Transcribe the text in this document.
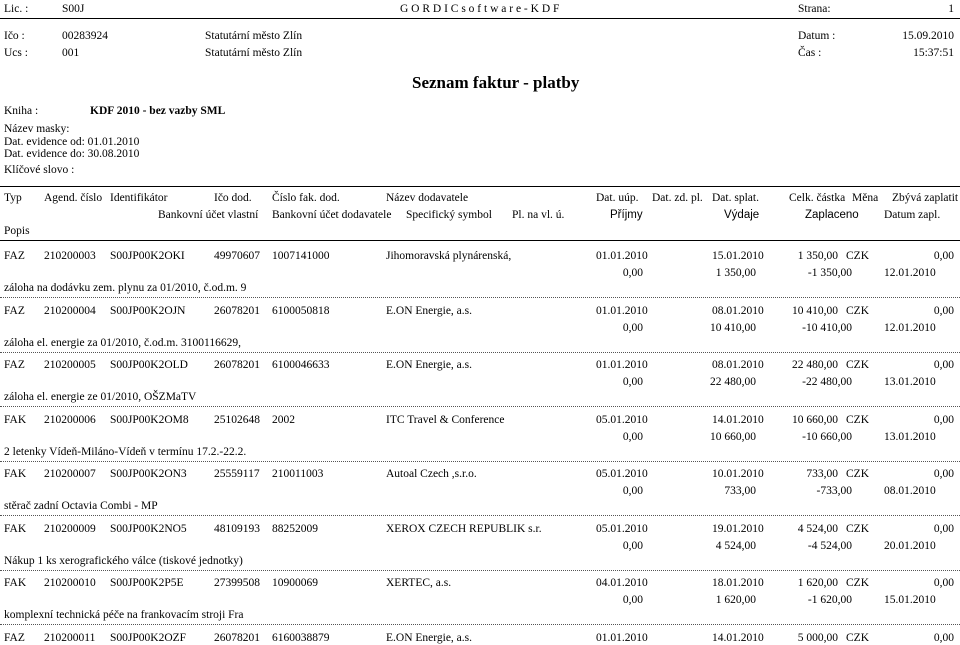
Lic. :	S00J	G O R D I C s o f t w a r e - K D F	Strana:	1
Ičo :	00283924	Statutární město Zlín	Datum :	15.09.2010
Ucs :	001	Statutární město Zlín	Čas :	15:37:51
Seznam faktur - platby
Kniha :	KDF 2010 - bez vazby SML
Název masky:
Dat. evidence od: 01.01.2010
Dat. evidence do: 30.08.2010
Klíčové slovo :
Typ Agend. číslo Identifikátor	Ičo dod. Číslo fak. dod.	Název dodavatele	Dat. uúp. Dat. zd. pl. Dat. splat.	Celk. částka Měna Zbývá zaplatit
Bankovní účet vlastní Bankovní účet dodavatele Specifický symbol Pl. na vl. ú.	Příjmy	Výdaje	Zaplaceno Datum zapl.
Popis
FAZ 210200003 S00JP00K2OKI	49970607 1007141000	Jihomoravská plynárenská,	01.01.2010	15.01.2010	1 350,00 CZK	0,00
0,00	1 350,00	-1 350,00	12.01.2010
záloha na dodávku zem. plynu za 01/2010, č.od.m. 9
FAZ 210200004 S00JP00K2OJN 26078201 6100050818	E.ON Energie, a.s.	01.01.2010	08.01.2010 10 410,00 CZK	0,00
0,00	10 410,00	-10 410,00	12.01.2010
záloha el. energie za 01/2010, č.od.m. 3100116629,
FAZ 210200005 S00JP00K2OLD 26078201 6100046633	E.ON Energie, a.s.	01.01.2010	08.01.2010 22 480,00 CZK	0,00
0,00	22 480,00	-22 480,00	13.01.2010
záloha el. energie ze 01/2010, OŠZMaTV
FAK 210200006 S00JP00K2OM8 25102648 2002	ITC Travel & Conference	05.01.2010	14.01.2010 10 660,00 CZK	0,00
0,00	10 660,00	-10 660,00	13.01.2010
2 letenky Vídeň-Miláno-Vídeň v termínu 17.2.-22.2.
FAK 210200007 S00JP00K2ON3 25559117 210011003	Autoal Czech ,s.r.o.	05.01.2010	10.01.2010	733,00 CZK	0,00
0,00	733,00	-733,00	08.01.2010
stěrač zadní Octavia Combi - MP
FAK 210200009 S00JP00K2NO5 48109193 88252009	XEROX CZECH REPUBLIK s.r.	05.01.2010	19.01.2010	4 524,00 CZK	0,00
0,00	4 524,00	-4 524,00	20.01.2010
Nákup 1 ks xerografického válce (tiskové jednotky)
FAK 210200010 S00JP00K2P5E	27399508 10900069	XERTEC, a.s.	04.01.2010	18.01.2010	1 620,00 CZK	0,00
0,00	1 620,00	-1 620,00	15.01.2010
komplexní technická péče na frankovacím stroji Fra
FAZ 210200011 S00JP00K2OZF 26078201 6160038879	E.ON Energie, a.s.	01.01.2010	14.01.2010	5 000,00 CZK	0,00
